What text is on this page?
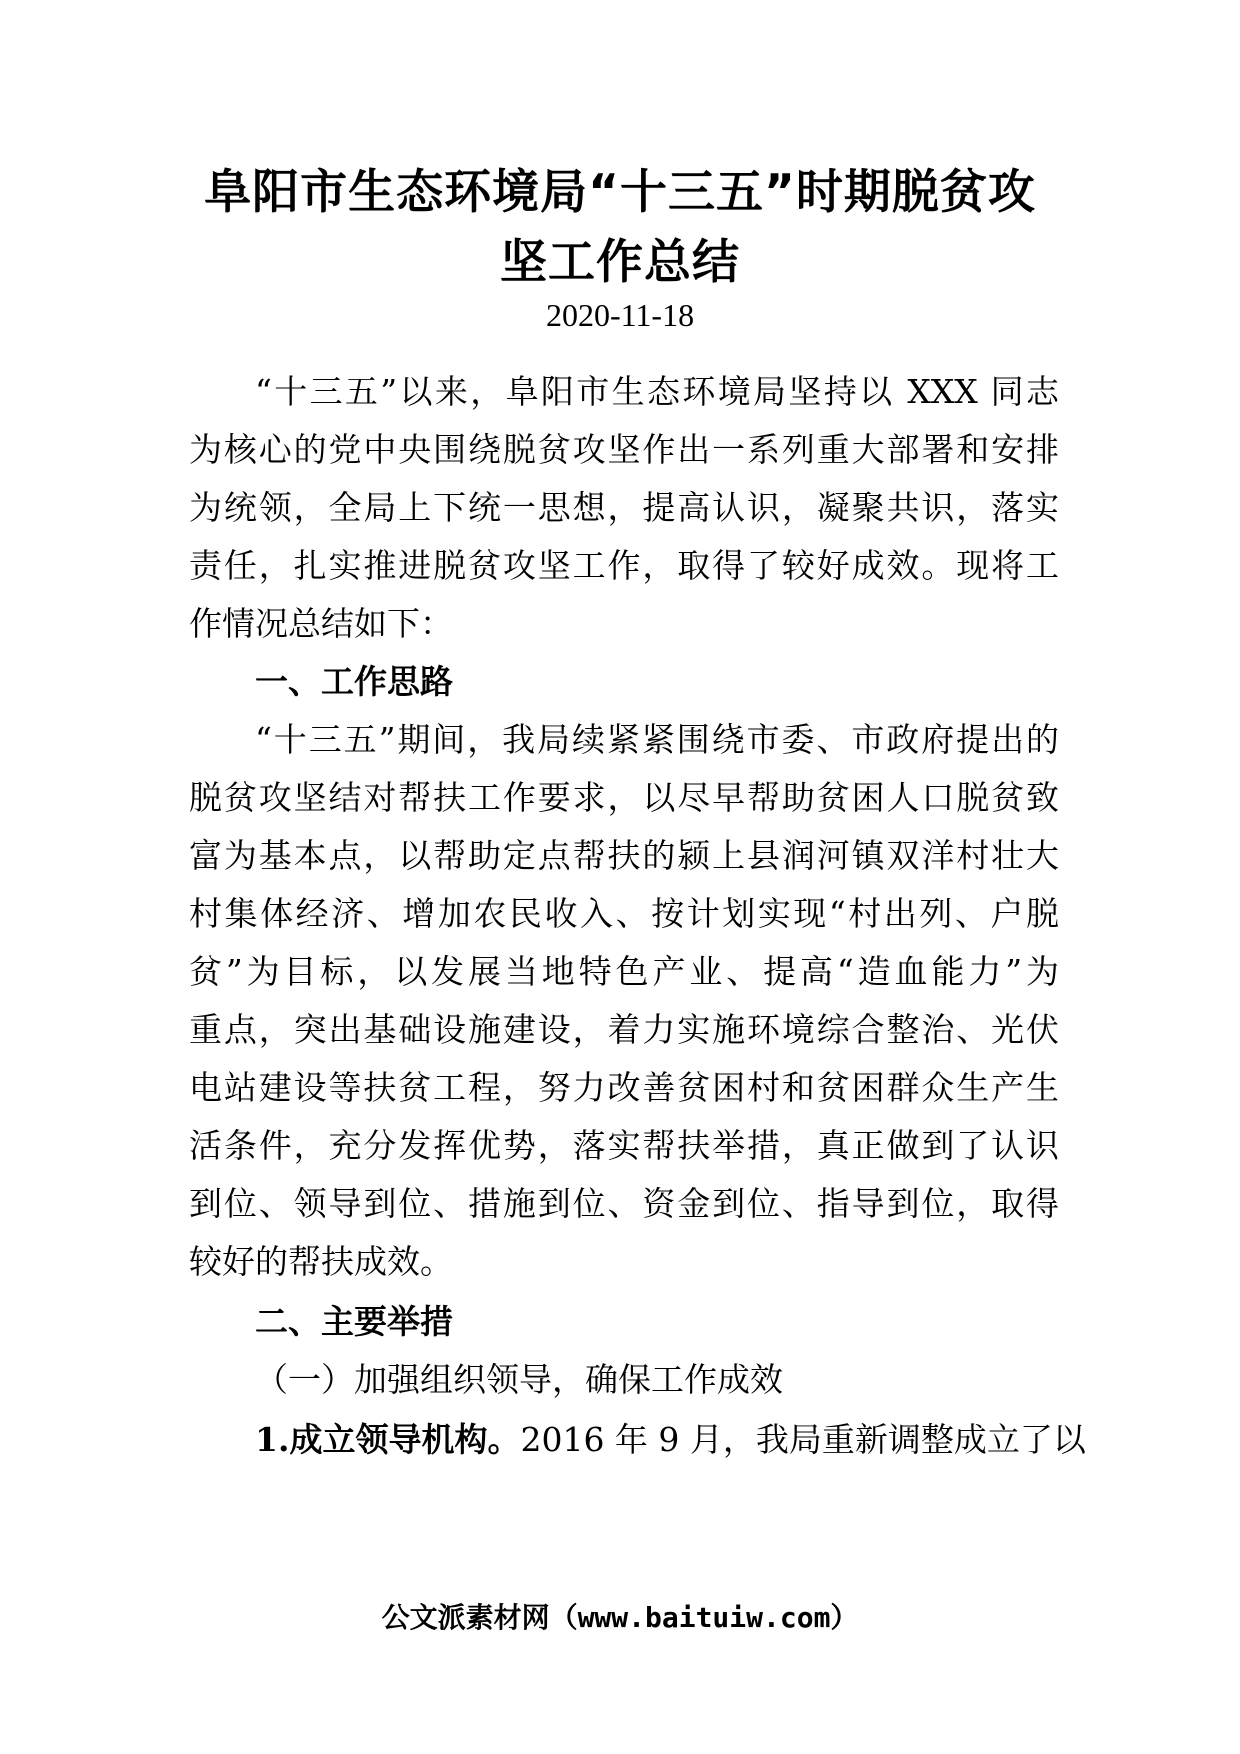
阜阳市生态环境局“十三五”时期脱贫攻
坚工作总结
2020-11-18
“十三五”以来，阜阳市生态环境局坚持以 XXX 同志
为核心的党中央围绕脱贫攻坚作出一系列重大部署和安排
为统领，全局上下统一思想，提高认识，凝聚共识，落实
责任，扎实推进脱贫攻坚工作，取得了较好成效。现将工
作情况总结如下：
一、工作思路
“十三五”期间，我局续紧紧围绕市委、市政府提出的
脱贫攻坚结对帮扶工作要求，以尽早帮助贫困人口脱贫致
富为基本点，以帮助定点帮扶的颍上县润河镇双洋村壮大
村集体经济、增加农民收入、按计划实现“村出列、户脱
贫”为目标，以发展当地特色产业、提高“造血能力”为
重点，突出基础设施建设，着力实施环境综合整治、光伏
电站建设等扶贫工程，努力改善贫困村和贫困群众生产生
活条件，充分发挥优势，落实帮扶举措，真正做到了认识
到位、领导到位、措施到位、资金到位、指导到位，取得
较好的帮扶成效。
二、主要举措
（一）加强组织领导，确保工作成效
1.成立领导机构。2016 年 9 月，我局重新调整成立了以
公文派素材网（www.baituiw.com）
